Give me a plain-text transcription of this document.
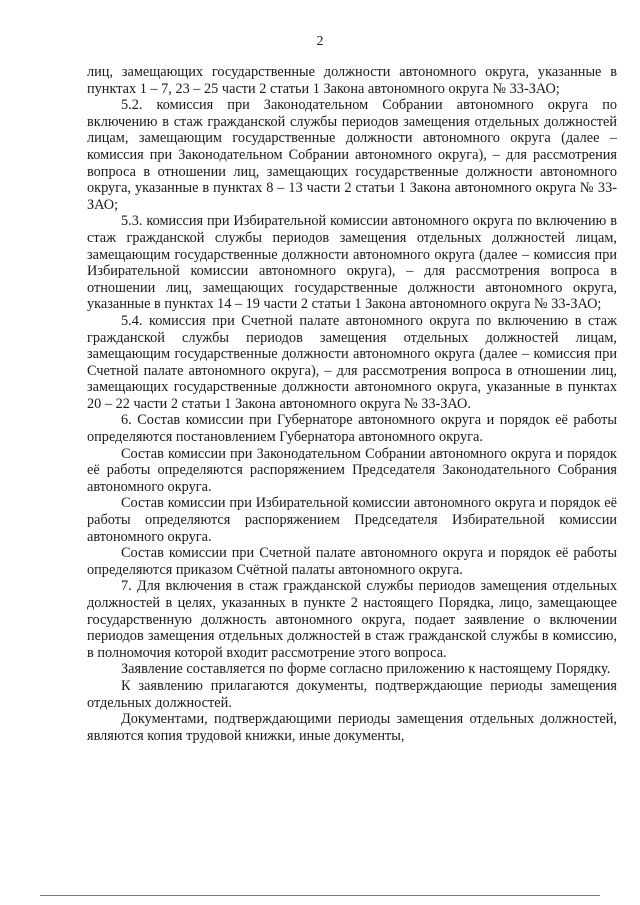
2

лиц, замещающих государственные должности автономного округа, указанные в пунктах 1 – 7, 23 – 25 части 2 статьи 1 Закона автономного округа № 33-ЗАО;

5.2. комиссия при Законодательном Собрании автономного округа по включению в стаж гражданской службы периодов замещения отдельных должностей лицам, замещающим государственные должности автономного округа (далее – комиссия при Законодательном Собрании автономного округа), – для рассмотрения вопроса в отношении лиц, замещающих государственные должности автономного округа, указанные в пунктах 8 – 13 части 2 статьи 1 Закона автономного округа № 33-ЗАО;

5.3. комиссия при Избирательной комиссии автономного округа по включению в стаж гражданской службы периодов замещения отдельных должностей лицам, замещающим государственные должности автономного округа (далее – комиссия при Избирательной комиссии автономного округа), – для рассмотрения вопроса в отношении лиц, замещающих государственные должности автономного округа, указанные в пунктах 14 – 19 части 2 статьи 1 Закона автономного округа № 33-ЗАО;

5.4. комиссия при Счетной палате автономного округа по включению в стаж гражданской службы периодов замещения отдельных должностей лицам, замещающим государственные должности автономного округа (далее – комиссия при Счетной палате автономного округа), – для рассмотрения вопроса в отношении лиц, замещающих государственные должности автономного округа, указанные в пунктах 20 – 22 части 2 статьи 1 Закона автономного округа № 33-ЗАО.

6. Состав комиссии при Губернаторе автономного округа и порядок её работы определяются постановлением Губернатора автономного округа.

Состав комиссии при Законодательном Собрании автономного округа и порядок её работы определяются распоряжением Председателя Законодательного Собрания автономного округа.

Состав комиссии при Избирательной комиссии автономного округа и порядок её работы определяются распоряжением Председателя Избирательной комиссии автономного округа.

Состав комиссии при Счетной палате автономного округа и порядок её работы определяются приказом Счётной палаты автономного округа.

7. Для включения в стаж гражданской службы периодов замещения отдельных должностей в целях, указанных в пункте 2 настоящего Порядка, лицо, замещающее государственную должность автономного округа, подает заявление о включении периодов замещения отдельных должностей в стаж гражданской службы в комиссию, в полномочия которой входит рассмотрение этого вопроса.

Заявление составляется по форме согласно приложению к настоящему Порядку.

К заявлению прилагаются документы, подтверждающие периоды замещения отдельных должностей.

Документами, подтверждающими периоды замещения отдельных должностей, являются копия трудовой книжки, иные документы,
